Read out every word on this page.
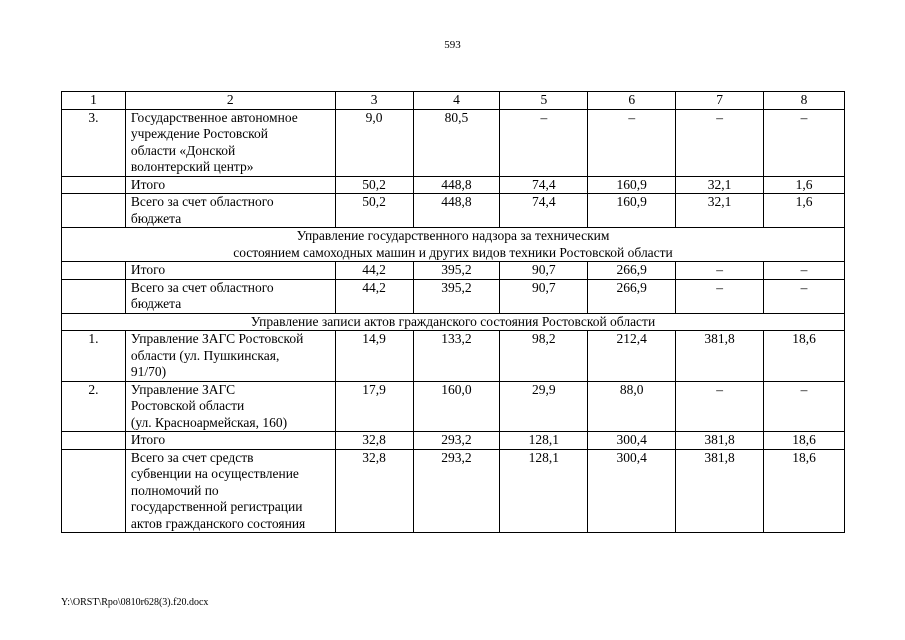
593
1	2	3	4	5	6	7	8
3.	Государственное автономное
учреждение Ростовской
области «Донской
волонтерский центр»	9,0	80,5	–	–	–	–

	Итого	50,2	448,8	74,4	160,9	32,1	1,6

	Всего за счет областного
бюджета	50,2	448,8	74,4	160,9	32,1	1,6

Управление государственного надзора за техническим
состоянием самоходных машин и других видов техники Ростовской области							

	Итого	44,2	395,2	90,7	266,9	–	–

	Всего за счет областного
бюджета	44,2	395,2	90,7	266,9	–	–

Управление записи актов гражданского состояния Ростовской области							

1.	Управление ЗАГС Ростовской
области (ул. Пушкинская,
91/70)	14,9	133,2	98,2	212,4	381,8	18,6
2.	Управление ЗАГС
Ростовской области
(ул. Красноармейская, 160)	17,9	160,0	29,9	88,0	–	–

	Итого	32,8	293,2	128,1	300,4	381,8	18,6

	Всего за счет средств
субвенции на осуществление
полномочий по
государственной регистрации
актов гражданского состояния	32,8	293,2	128,1	300,4	381,8	18,6
Y:\ORST\Rpo\0810r628(3).f20.docx
